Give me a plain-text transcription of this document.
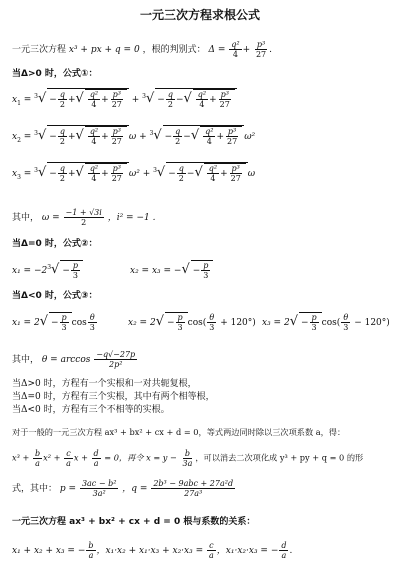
一元三次方程求根公式
一元三次方程 x³ + px + q = 0 ，根的判别式： $\Delta = \frac{\text{q²}}{4} + \frac{\text{p³}}{27}$ .
当Δ>0 时，公式①：
$x_1 = ^3√ - \frac{q}{2}$ +√ $\frac{\text{q²}}{4} + \frac{\text{p³}}{27} + ^3√ - \frac{q}{2}$ −√ $\frac{\text{q²}}{4} + \frac{\text{p³}}{27}$
$x_2 = ^3√ - \frac{q}{2}$ +√ $\frac{\text{q²}}{4} + \frac{\text{p³}}{27}$ $\omega + ^3√ - \frac{q}{2}$ −√ $\frac{\text{q²}}{4} + \frac{\text{p³}}{27} \omega^2$
$x_3 = ^3√ - \frac{q}{2}$ +√ $\frac{\text{q²}}{4} + \frac{\text{p³}}{27} \omega^2 + ^3√ - \frac{q}{2}$ −√ $\frac{\text{q²}}{4} + \frac{\text{p³}}{27}$ ω
其中， $\omega = \frac{-1 + √3i}{2}$ ，i² = −1 .
当Δ=0 时，公式②：
$x_1 = -2^3√ - \frac{p}{3}$	x₂ = x₃ = −√ − $\frac{p}{3}$
当Δ<0 时，公式③：
$x_1 = 2√ - \frac{p}{3}$ $\cos \frac{\theta}{3}$	$x_2 = 2√ - \frac{p}{3} \cos( \frac{\theta}{3} + 120^\circ) x_3 = 2√ - \frac{p}{3} \cos( \frac{\theta}{3} - 120^\circ)$
其中， $\theta = \arccos \frac{-q√-27p}{\text{2p²}}$
当Δ>0 时，方程有一个实根和一对共轭复根，
当Δ=0 时，方程有三个实根，其中有两个相等根，
当Δ<0 时，方程有三个不相等的实根。
对于一般的一元三次方程 ax³ + bx² + cx + d = 0，等式两边同时除以三次项系数 a，得：
$x^3 + \frac{b}{a} x^2 + \frac{c}{a}$ $x + \frac{d}{a} = 0$，再令 $x = y - \frac{b}{3a}$ ，可以消去二次项化成 y³ + py + q = 0 的形
式，其中： $p = \frac{\text{3ac − b²}}{\text{3a²}}$ ，$q = \frac{\text{2b³ − 9abc + 27a²d}}{\text{27a³}}$
一元三次方程 ax³ + bx² + cx + d = 0 根与系数的关系：
x₁ + x₂ + x₃ = − $\frac{b}{a}$ ，$x_1\cdot x_2 + x_1\cdot x_3 + x_2\cdot x_3 = \frac{c}{a}$ ，x₁·x₂·x₃ = − $\frac{d}{a}$ .
